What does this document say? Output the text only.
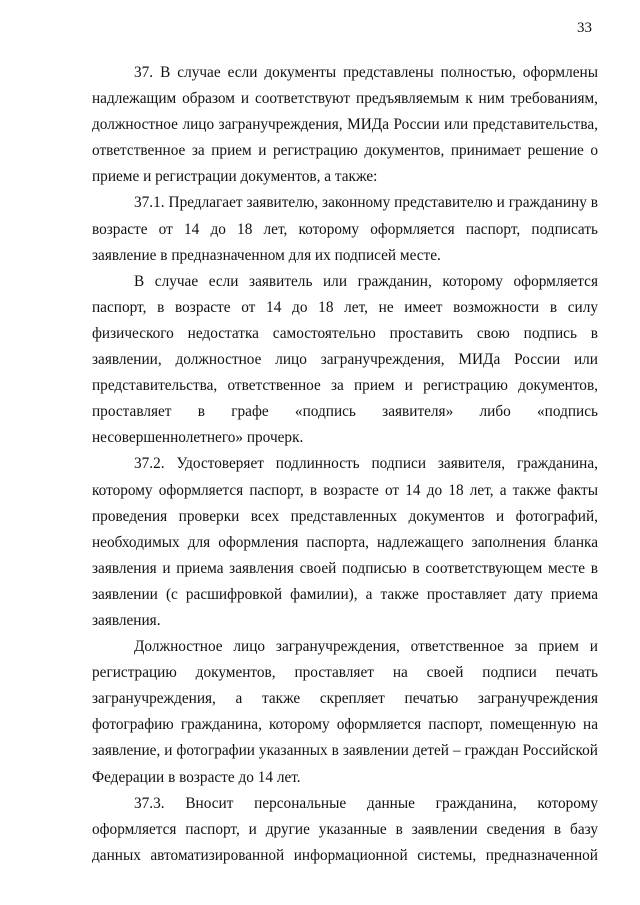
33

37. В случае если документы представлены полностью, оформлены надлежащим образом и соответствуют предъявляемым к ним требованиям, должностное лицо загранучреждения, МИДа России или представительства, ответственное за прием и регистрацию документов, принимает решение о приеме и регистрации документов, а также:

37.1. Предлагает заявителю, законному представителю и гражданину в возрасте от 14 до 18 лет, которому оформляется паспорт, подписать заявление в предназначенном для их подписей месте.

В случае если заявитель или гражданин, которому оформляется паспорт, в возрасте от 14 до 18 лет, не имеет возможности в силу физического недостатка самостоятельно проставить свою подпись в заявлении, должностное лицо загранучреждения, МИДа России или представительства, ответственное за прием и регистрацию документов, проставляет в графе «подпись заявителя» либо «подпись несовершеннолетнего» прочерк.

37.2. Удостоверяет подлинность подписи заявителя, гражданина, которому оформляется паспорт, в возрасте от 14 до 18 лет, а также факты проведения проверки всех представленных документов и фотографий, необходимых для оформления паспорта, надлежащего заполнения бланка заявления и приема заявления своей подписью в соответствующем месте в заявлении (с расшифровкой фамилии), а также проставляет дату приема заявления.

Должностное лицо загранучреждения, ответственное за прием и регистрацию документов, проставляет на своей подписи печать загранучреждения, а также скрепляет печатью загранучреждения фотографию гражданина, которому оформляется паспорт, помещенную на заявление, и фотографии указанных в заявлении детей – граждан Российской Федерации в возрасте до 14 лет.

37.3. Вносит персональные данные гражданина, которому оформляется паспорт, и другие указанные в заявлении сведения в базу данных автоматизированной информационной системы, предназначенной
